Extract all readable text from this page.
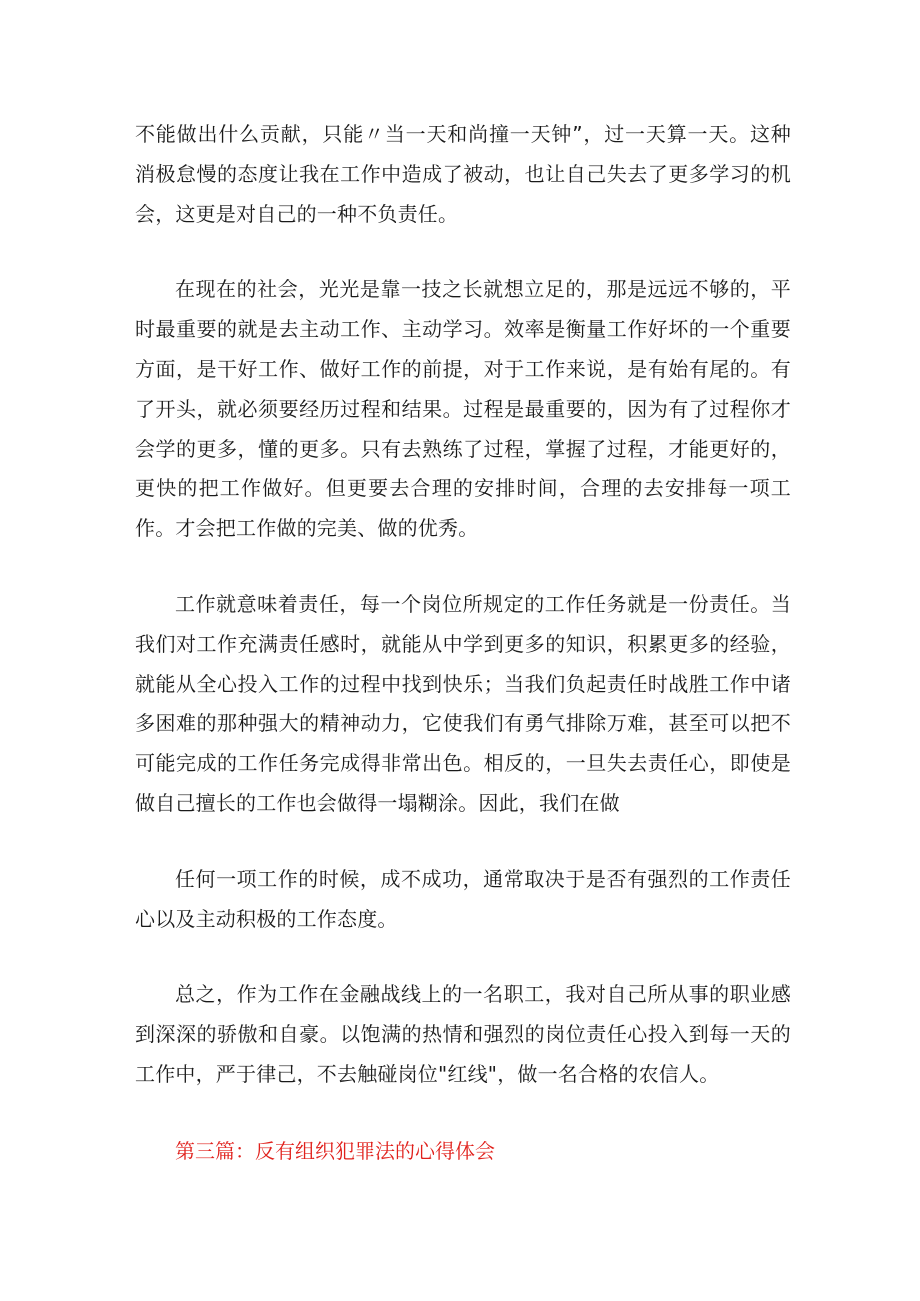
不能做出什么贡献，只能〃当一天和尚撞一天钟”，过一天算一天。这种消极怠慢的态度让我在工作中造成了被动，也让自己失去了更多学习的机会，这更是对自己的一种不负责任。

在现在的社会，光光是靠一技之长就想立足的，那是远远不够的，平时最重要的就是去主动工作、主动学习。效率是衡量工作好坏的一个重要方面，是干好工作、做好工作的前提，对于工作来说，是有始有尾的。有了开头，就必须要经历过程和结果。过程是最重要的，因为有了过程你才会学的更多，懂的更多。只有去熟练了过程，掌握了过程，才能更好的，更快的把工作做好。但更要去合理的安排时间，合理的去安排每一项工作。才会把工作做的完美、做的优秀。

工作就意味着责任，每一个岗位所规定的工作任务就是一份责任。当我们对工作充满责任感时，就能从中学到更多的知识，积累更多的经验，就能从全心投入工作的过程中找到快乐；当我们负起责任时战胜工作中诸多困难的那种强大的精神动力，它使我们有勇气排除万难，甚至可以把不可能完成的工作任务完成得非常出色。相反的，一旦失去责任心，即使是做自己擅长的工作也会做得一塌糊涂。因此，我们在做

任何一项工作的时候，成不成功，通常取决于是否有强烈的工作责任心以及主动积极的工作态度。

总之，作为工作在金融战线上的一名职工，我对自己所从事的职业感到深深的骄傲和自豪。以饱满的热情和强烈的岗位责任心投入到每一天的工作中，严于律己，不去触碰岗位"红线"，做一名合格的农信人。

第三篇：反有组织犯罪法的心得体会
